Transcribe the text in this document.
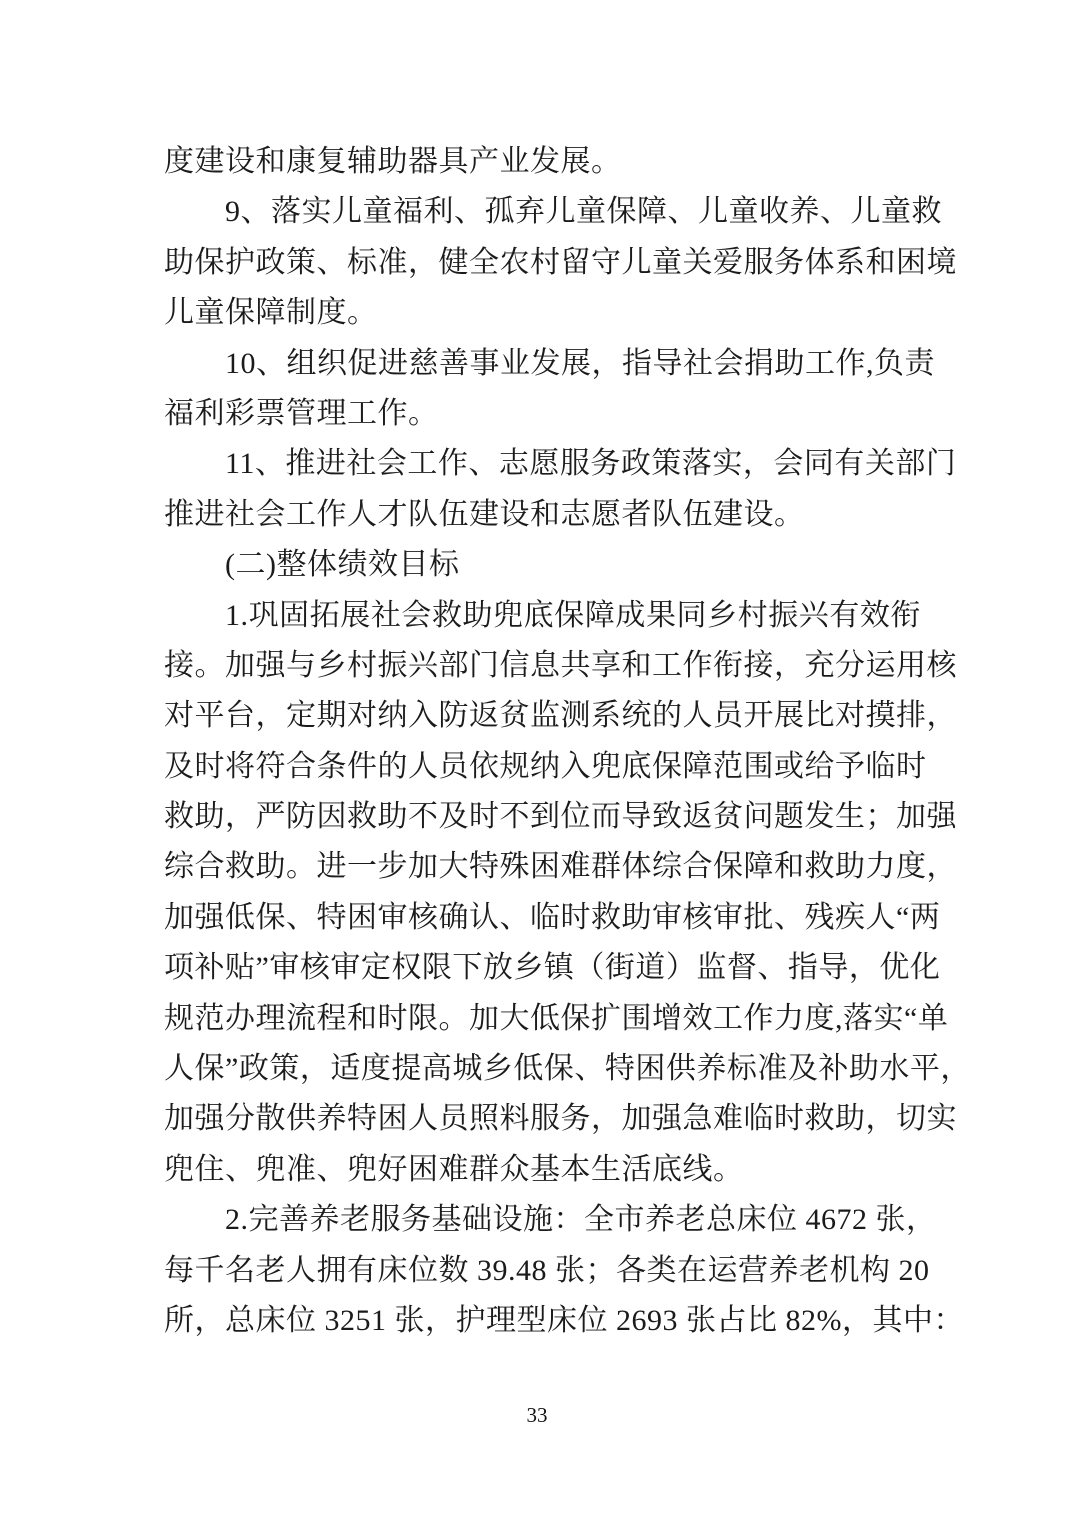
度建设和康复辅助器具产业发展。
9、落实儿童福利、孤弃儿童保障、儿童收养、儿童救
助保护政策、标准，健全农村留守儿童关爱服务体系和困境
儿童保障制度。
10、组织促进慈善事业发展，指导社会捐助工作,负责
福利彩票管理工作。
11、推进社会工作、志愿服务政策落实，会同有关部门
推进社会工作人才队伍建设和志愿者队伍建设。
(二)整体绩效目标
1.巩固拓展社会救助兜底保障成果同乡村振兴有效衔
接。加强与乡村振兴部门信息共享和工作衔接，充分运用核
对平台，定期对纳入防返贫监测系统的人员开展比对摸排，
及时将符合条件的人员依规纳入兜底保障范围或给予临时
救助，严防因救助不及时不到位而导致返贫问题发生；加强
综合救助。进一步加大特殊困难群体综合保障和救助力度，
加强低保、特困审核确认、临时救助审核审批、残疾人“两
项补贴”审核审定权限下放乡镇（街道）监督、指导，优化
规范办理流程和时限。加大低保扩围增效工作力度,落实“单
人保”政策，适度提高城乡低保、特困供养标准及补助水平，
加强分散供养特困人员照料服务，加强急难临时救助，切实
兜住、兜准、兜好困难群众基本生活底线。
2.完善养老服务基础设施：全市养老总床位 4672 张，
每千名老人拥有床位数 39.48 张；各类在运营养老机构 20
所，总床位 3251 张，护理型床位 2693 张占比 82%，其中：
33
